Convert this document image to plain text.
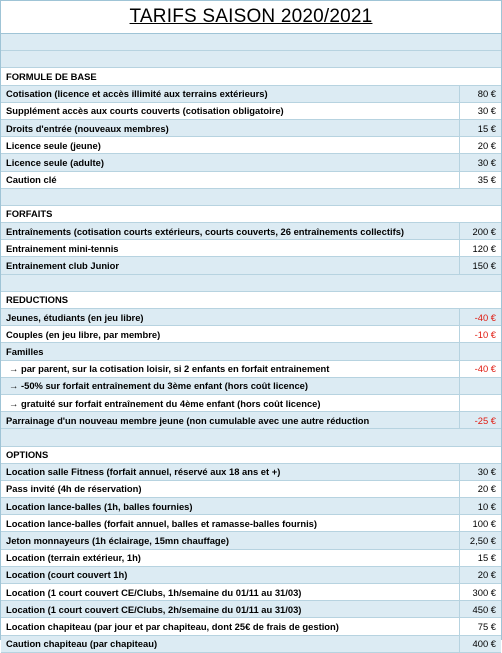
TARIFS SAISON 2020/2021
FORMULE DE BASE
Cotisation (licence et accès illimité aux terrains extérieurs)	80 €
Supplément accès aux courts couverts (cotisation obligatoire)	30 €
Droits d'entrée (nouveaux membres)	15 €
Licence seule (jeune)	20 €
Licence seule (adulte)	30 €
Caution clé	35 €
FORFAITS
Entraînements (cotisation courts extérieurs, courts couverts, 26 entraînements collectifs)	200 €
Entrainement mini-tennis	120 €
Entrainement club Junior	150 €
REDUCTIONS
Jeunes, étudiants (en jeu libre)	-40 €
Couples (en jeu libre, par membre)	-10 €
Familles
→ par parent, sur la cotisation loisir, si 2 enfants en forfait entrainement	-40 €
→ -50% sur forfait entraînement du 3ème enfant (hors coût licence)
→ gratuité sur forfait entraînement du 4ème enfant (hors coût licence)
Parrainage d'un nouveau membre jeune (non cumulable avec une autre réduction	-25 €
OPTIONS
Location salle Fitness (forfait annuel, réservé aux 18 ans et +)	30 €
Pass invité (4h de réservation)	20 €
Location lance-balles (1h, balles fournies)	10 €
Location lance-balles (forfait annuel, balles et ramasse-balles fournis)	100 €
Jeton monnayeurs (1h éclairage, 15mn chauffage)	2,50 €
Location (terrain extérieur, 1h)	15 €
Location (court couvert 1h)	20 €
Location (1 court couvert CE/Clubs, 1h/semaine du 01/11 au 31/03)	300 €
Location (1 court couvert CE/Clubs, 2h/semaine du 01/11 au 31/03)	450 €
Location chapiteau (par jour et par chapiteau, dont 25€ de frais de gestion)	75 €
Caution chapiteau (par chapiteau)	400 €
